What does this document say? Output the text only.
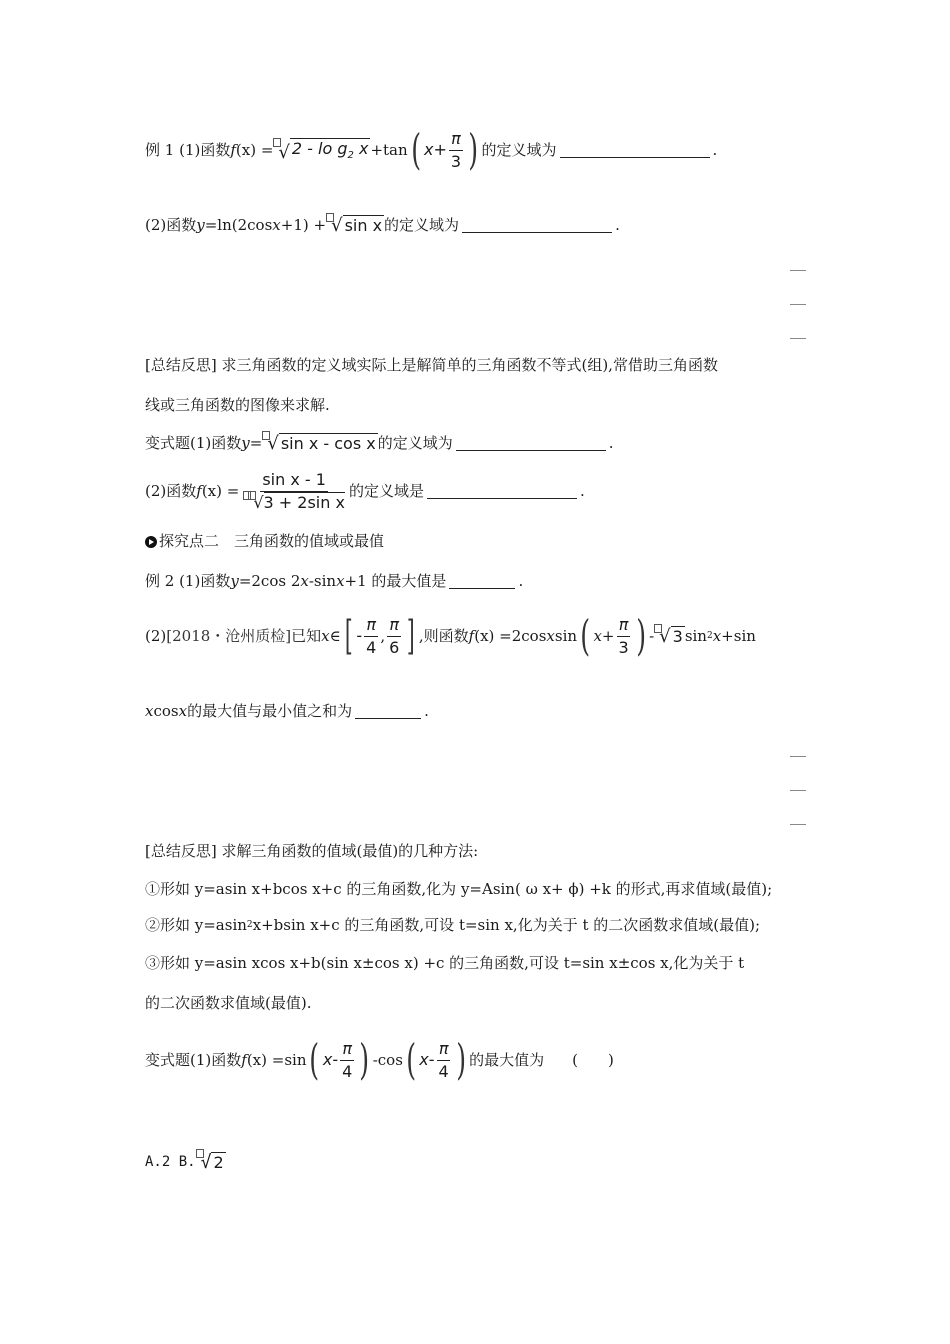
例 1
(1)函数 f (x) = √ 2 - lo $g_2$ x +tan ( $x + \frac{\pi}{3}$ ) 的定义域为	.
(2)函数 y =ln(2cos x +1) + √ sin x 的定义域为	.
[总结反思] 求三角函数的定义域实际上是解简单的三角函数不等式(组),常借助三角函数
线或三角函数的图像来求解.
变式题 (1)函数 y = √ sin x - cos x 的定义域为	.
(2)函数 f $(x) = \frac{\text{sin x - 1}}{\text{√3 + 2sin x}}$ 的定义域是	.
探究点二　三角函数的值域或最值
例 2 (1)函数 y =2cos 2 x -sin x +1 的最大值是	.
(2) [2018・沧州质检] 已知 x ∈ [ - $\frac{\pi}{4}$ , $\frac{\pi}{6}$ ] ,则函数 f (x) =2cos x sin ( $x + \frac{\pi}{3}$ ) - √ 3 sin 2 x +sin
x cos x 的最大值与最小值之和为	.
[总结反思] 求解三角函数的值域(最值)的几种方法:
①形如 y=asin x+bcos x+c 的三角函数,化为 y=Asin( ω x+ ϕ) +k 的形式,再求值域(最值);
②形如 y=asin 2 x+bsin x+c 的三角函数,可设 t=sin x,化为关于 t 的二次函数求值域(最值);
③形如 y=asin xcos x+b(sin x±cos x) +c 的三角函数,可设 t=sin x±cos x,化为关于 t
的二次函数求值域(最值).
变式题 (1)函数 f (x) =sin ( x - $\frac{\pi}{4}$ ) -cos ( x - $\frac{\pi}{4}$ ) 的最大值为 (　　)
A.2
B. √ 2
